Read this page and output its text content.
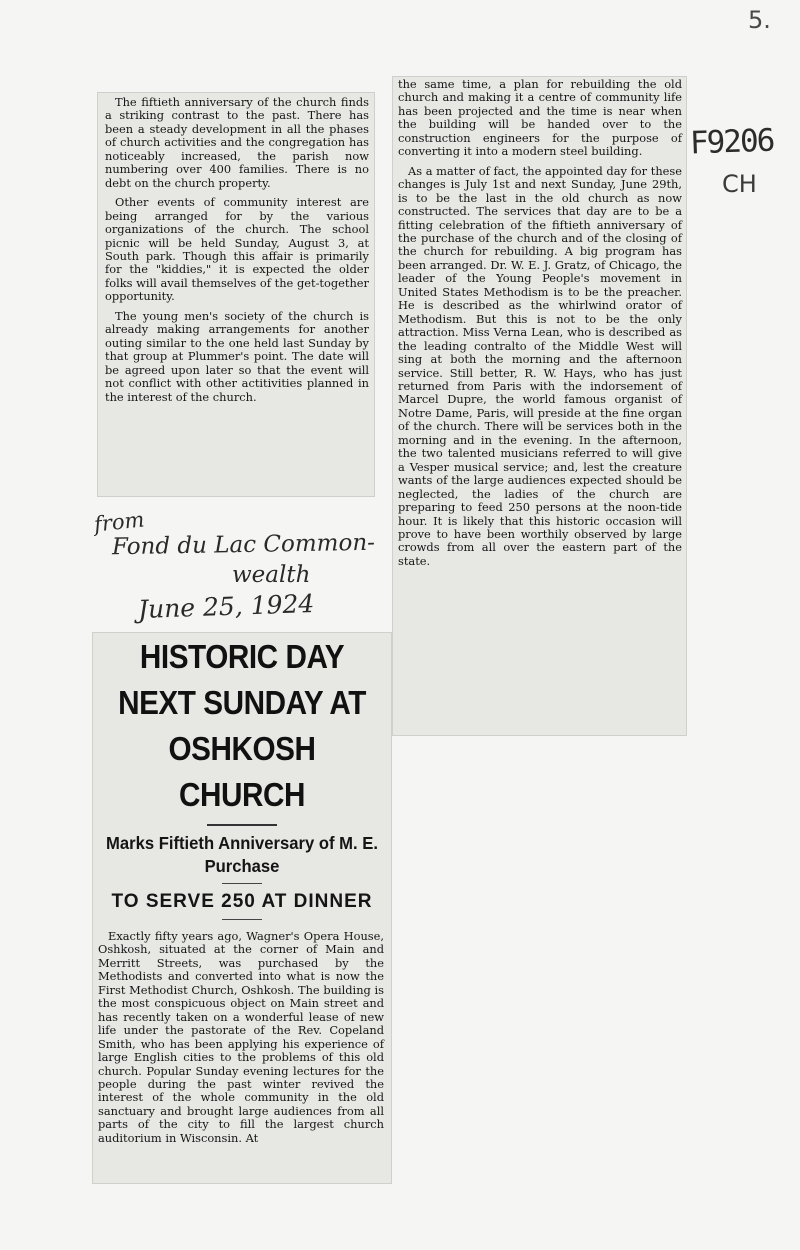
5.
F9206
CH

The fiftieth anniversary of the church finds a striking contrast to the past. There has been a steady development in all the phases of church activities and the congregation has noticeably increased, the parish now numbering over 400 families. There is no debt on the church property.

Other events of community interest are being arranged for by the various organizations of the church. The school picnic will be held Sunday, August 3, at South park. Though this affair is primarily for the "kiddies," it is expected the older folks will avail themselves of the get-together opportunity.

The young men's society of the church is already making arrangements for another outing similar to the one held last Sunday by that group at Plummer's point. The date will be agreed upon later so that the event will not conflict with other actitivities planned in the interest of the church.

the same time, a plan for rebuilding the old church and making it a centre of community life has been projected and the time is near when the building will be handed over to the construction engineers for the purpose of converting it into a modern steel building.

As a matter of fact, the appointed day for these changes is July 1st and next Sunday, June 29th, is to be the last in the old church as now constructed. The services that day are to be a fitting celebration of the fiftieth anniversary of the purchase of the church and of the closing of the church for rebuilding. A big program has been arranged. Dr. W. E. J. Gratz, of Chicago, the leader of the Young People's movement in United States Methodism is to be the preacher. He is described as the whirlwind orator of Methodism. But this is not to be the only attraction. Miss Verna Lean, who is described as the leading contralto of the Middle West will sing at both the morning and the afternoon service. Still better, R. W. Hays, who has just returned from Paris with the indorsement of Marcel Dupre, the world famous organist of Notre Dame, Paris, will preside at the fine organ of the church. There will be services both in the morning and in the evening. In the afternoon, the two talented musicians referred to will give a Vesper musical service; and, lest the creature wants of the large audiences expected should be neglected, the ladies of the church are preparing to feed 250 persons at the noon-tide hour. It is likely that this historic occasion will prove to have been worthily observed by large crowds from all over the eastern part of the state.

from
Fond du Lac Common-
wealth
June 25, 1924
HISTORIC DAY
NEXT SUNDAY AT
OSHKOSH CHURCH
Marks Fiftieth Anniversary of M. E. Purchase
TO SERVE 250 AT DINNER

Exactly fifty years ago, Wagner's Opera House, Oshkosh, situated at the corner of Main and Merritt Streets, was purchased by the Methodists and converted into what is now the First Methodist Church, Oshkosh. The building is the most conspicuous object on Main street and has recently taken on a wonderful lease of new life under the pastorate of the Rev. Copeland Smith, who has been applying his experience of large English cities to the problems of this old church. Popular Sunday evening lectures for the people during the past winter revived the interest of the whole community in the old sanctuary and brought large audiences from all parts of the city to fill the largest church auditorium in Wisconsin. At
